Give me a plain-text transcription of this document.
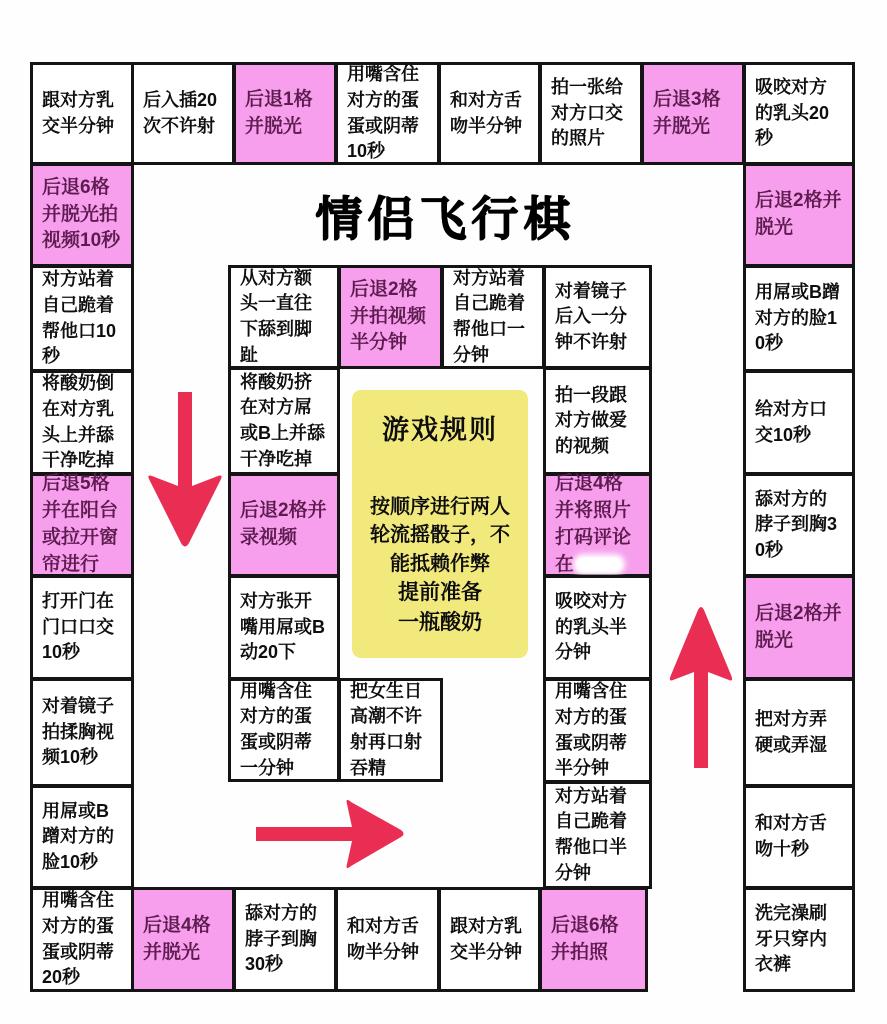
情侣飞行棋
跟对方乳交半分钟
后入插20次不许射
后退1格并脱光
用嘴含住对方的蛋蛋或阴蒂10秒
和对方舌吻半分钟
拍一张给对方口交的照片
后退3格并脱光
吸咬对方的乳头20秒
后退6格并脱光拍视频10秒
对方站着自己跪着帮他口10秒
将酸奶倒在对方乳头上并舔干净吃掉
后退5格并在阳台或拉开窗帘进行
打开门在门口口交10秒
对着镜子拍揉胸视频10秒
用屌或B蹭对方的脸10秒
用嘴含住对方的蛋蛋或阴蒂20秒
后退2格并脱光
用屌或B蹭对方的脸10秒
给对方口交10秒
舔对方的脖子到胸30秒
后退2格并脱光
把对方弄硬或弄湿
和对方舌吻十秒
洗完澡刷牙只穿内衣裤
后退4格并脱光
舔对方的脖子到胸30秒
和对方舌吻半分钟
跟对方乳交半分钟
后退6格并拍照
从对方额头一直往下舔到脚趾
后退2格并拍视频半分钟
对方站着自己跪着帮他口一分钟
对着镜子后入一分钟不许射
将酸奶挤在对方屌或B上并舔干净吃掉
后退2格并录视频
对方张开嘴用屌或B动20下
用嘴含住对方的蛋蛋或阴蒂一分钟
把女生日高潮不许射再口射吞精
拍一段跟对方做爱的视频
后退4格并将照片打码评论在
吸咬对方的乳头半分钟
用嘴含住对方的蛋蛋或阴蒂半分钟
对方站着自己跪着帮他口半分钟
游戏规则
按顺序进行两人轮流摇骰子，不能抵赖作弊
提前准备一瓶酸奶
